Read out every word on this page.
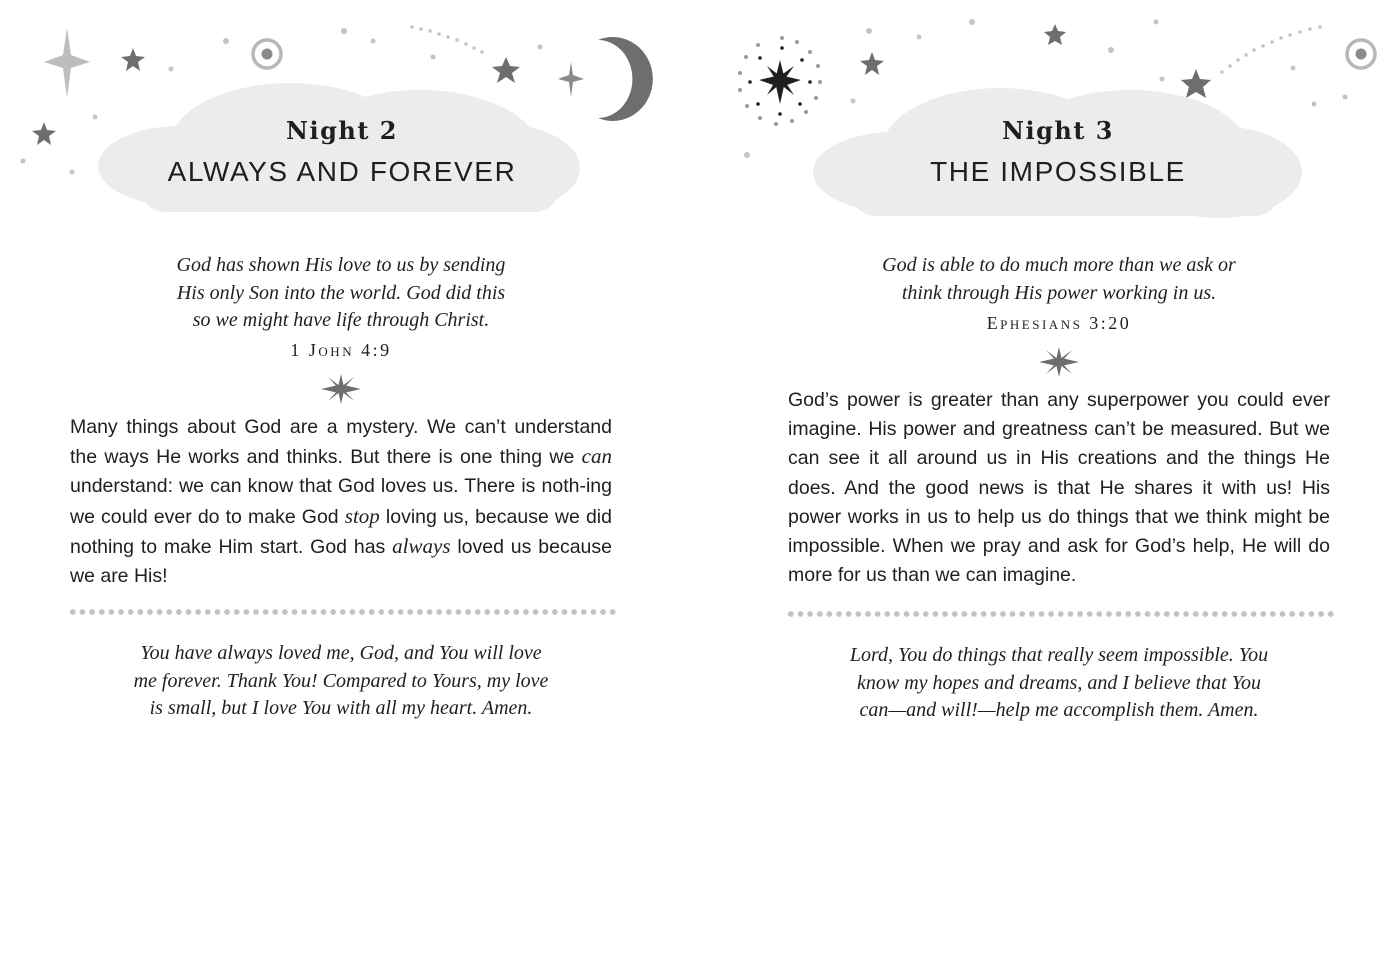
Night 2
ALWAYS AND FOREVER
God has shown His love to us by sending
His only Son into the world. God did this
so we might have life through Christ.
1 John 4:9

Many things about God are a mystery. We can’t understand the ways He works and thinks. But there is one thing we can understand: we can know that God loves us. There is noth-ing we could ever do to make God stop loving us, because we did nothing to make Him start. God has always loved us because we are His!

You have always loved me, God, and You will love
me forever. Thank You! Compared to Yours, my love
is small, but I love You with all my heart. Amen.
Night 3
THE IMPOSSIBLE
God is able to do much more than we ask or
think through His power working in us.
Ephesians 3:20

God’s power is greater than any superpower you could ever imagine. His power and greatness can’t be measured. But we can see it all around us in His creations and the things He does. And the good news is that He shares it with us! His power works in us to help us do things that we think might be impossible. When we pray and ask for God’s help, He will do more for us than we can imagine.

Lord, You do things that really seem impossible. You
know my hopes and dreams, and I believe that You
can—and will!—help me accomplish them. Amen.
